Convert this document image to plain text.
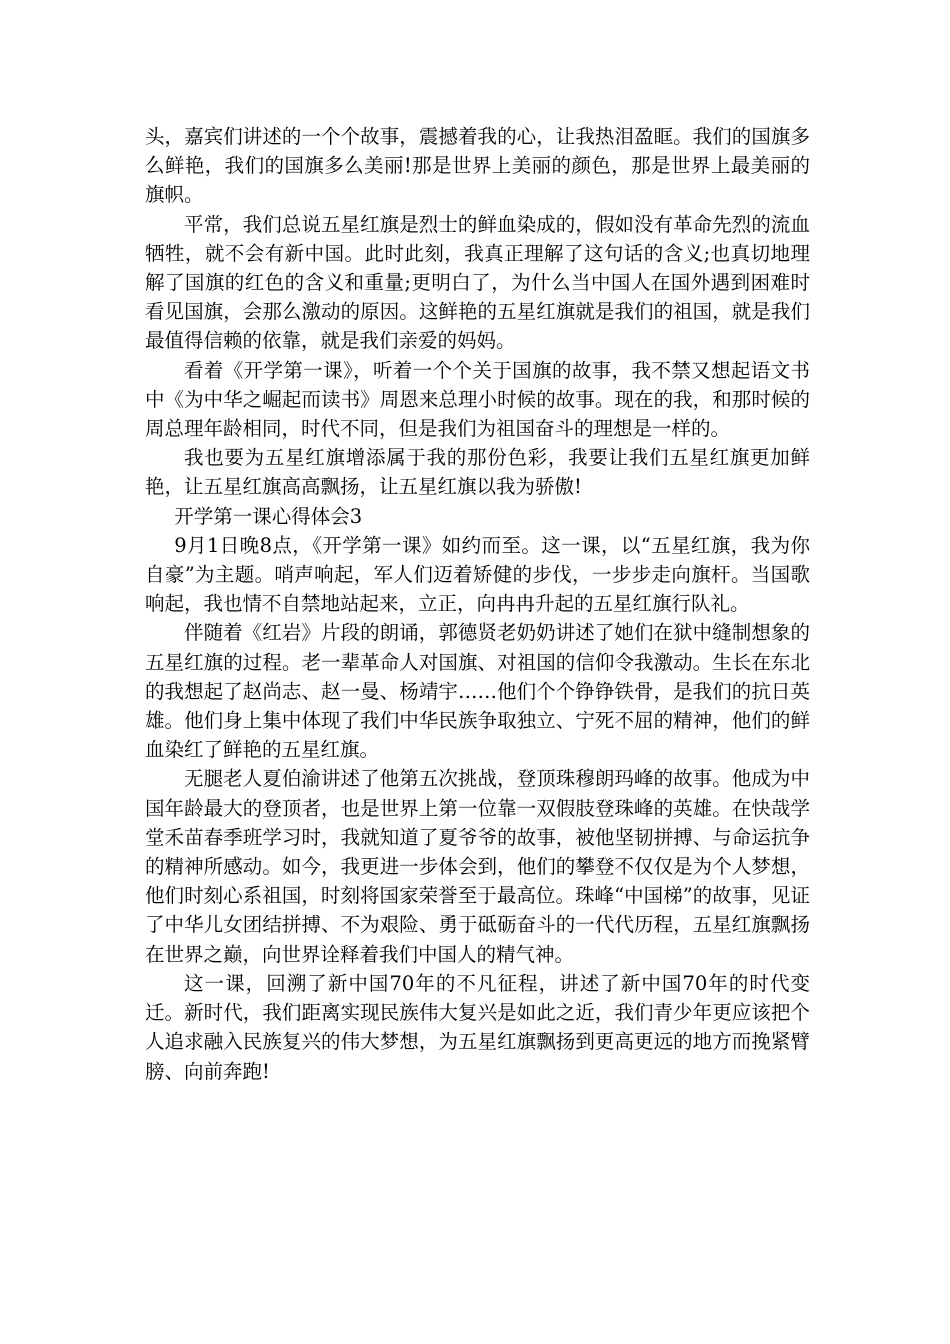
头，嘉宾们讲述的一个个故事，震撼着我的心，让我热泪盈眶。我们的国旗多么鲜艳，我们的国旗多么美丽!那是世界上美丽的颜色，那是世界上最美丽的旗帜。

平常，我们总说五星红旗是烈士的鲜血染成的，假如没有革命先烈的流血牺牲，就不会有新中国。此时此刻，我真正理解了这句话的含义;也真切地理解了国旗的红色的含义和重量;更明白了，为什么当中国人在国外遇到困难时看见国旗，会那么激动的原因。这鲜艳的五星红旗就是我们的祖国，就是我们最值得信赖的依靠，就是我们亲爱的妈妈。

看着《开学第一课》，听着一个个关于国旗的故事，我不禁又想起语文书中《为中华之崛起而读书》周恩来总理小时候的故事。现在的我，和那时候的周总理年龄相同，时代不同，但是我们为祖国奋斗的理想是一样的。

我也要为五星红旗增添属于我的那份色彩，我要让我们五星红旗更加鲜艳，让五星红旗高高飘扬，让五星红旗以我为骄傲!

开学第一课心得体会3

9月1日晚8点，《开学第一课》如约而至。这一课，以“五星红旗，我为你自豪”为主题。哨声响起，军人们迈着矫健的步伐，一步步走向旗杆。当国歌响起，我也情不自禁地站起来，立正，向冉冉升起的五星红旗行队礼。

伴随着《红岩》片段的朗诵，郭德贤老奶奶讲述了她们在狱中缝制想象的五星红旗的过程。老一辈革命人对国旗、对祖国的信仰令我激动。生长在东北的我想起了赵尚志、赵一曼、杨靖宇……他们个个铮铮铁骨，是我们的抗日英雄。他们身上集中体现了我们中华民族争取独立、宁死不屈的精神，他们的鲜血染红了鲜艳的五星红旗。

无腿老人夏伯渝讲述了他第五次挑战，登顶珠穆朗玛峰的故事。他成为中国年龄最大的登顶者，也是世界上第一位靠一双假肢登珠峰的英雄。在快哉学堂禾苗春季班学习时，我就知道了夏爷爷的故事，被他坚韧拼搏、与命运抗争的精神所感动。如今，我更进一步体会到，他们的攀登不仅仅是为个人梦想，他们时刻心系祖国，时刻将国家荣誉至于最高位。珠峰“中国梯”的故事，见证了中华儿女团结拼搏、不为艰险、勇于砥砺奋斗的一代代历程，五星红旗飘扬在世界之巅，向世界诠释着我们中国人的精气神。

这一课，回溯了新中国70年的不凡征程，讲述了新中国70年的时代变迁。新时代，我们距离实现民族伟大复兴是如此之近，我们青少年更应该把个人追求融入民族复兴的伟大梦想，为五星红旗飘扬到更高更远的地方而挽紧臂膀、向前奔跑!
